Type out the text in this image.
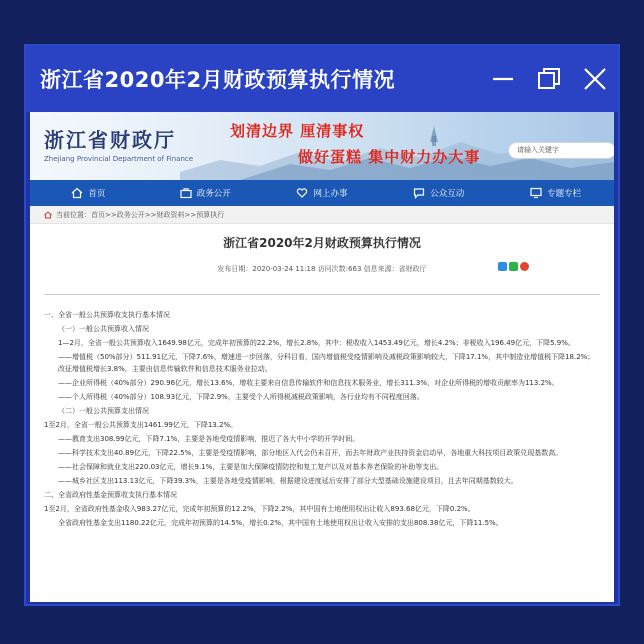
浙江省2020年2月财政预算执行情况
浙江省财政厅
Zhejiang Provincial Department of Finance
划清边界 厘清事权
做好蛋糕 集中财力办大事	请输入关键字
首页	政务公开	网上办事	公众互动	专题专栏
当前位置：首页>>政务公开>>财政资料>>预算执行
浙江省2020年2月财政预算执行情况
发布日期：2020-03-24 11:18 访问次数:663 信息来源：省财政厅

一、全省一般公共预算收支执行基本情况

（一）一般公共预算收入情况

1—2月，全省一般公共预算收入1649.98亿元，完成年初预算的22.2%，增长2.8%，其中：税收收入1453.49亿元，增长4.2%；非税收入196.49亿元，下降5.9%。

——增值税（50%部分）511.91亿元，下降7.6%，增速进一步回落，分科目看，国内增值税受疫情影响及减税政策影响较大，下降17.1%，其中制造业增值税下降18.2%；改征增值税增长3.8%，主要由信息传输软件和信息技术服务业拉动。

——企业所得税（40%部分）290.96亿元，增长13.6%，增收主要来自信息传输软件和信息技术服务业，增长311.3%，对企业所得税的增收贡献率为113.2%。

——个人所得税（40%部分）108.93亿元，下降2.9%，主要受个人所得税减税政策影响，各行业均有不同程度回落。

（二）一般公共预算支出情况

1至2月，全省一般公共预算支出1461.99亿元，下降13.2%。

——教育支出308.99亿元，下降7.1%，主要是各地受疫情影响，推迟了各大中小学的开学时间。

——科学技术支出40.89亿元，下降22.5%，主要是受疫情影响，部分地区人代会仍未召开，而去年财政产业扶持资金启动早，各地重大科技项目政策兑现基数高。

——社会保障和就业支出220.03亿元，增长9.1%，主要是加大保障疫情防控和复工复产以及对基本养老保险的补助等支出。

——城乡社区支出113.13亿元，下降39.3%，主要是各地受疫情影响，根据建设进度延后安排了部分大型基础设施建设项目，且去年同期基数较大。

二、全省政府性基金预算收支执行基本情况

1至2月，全省政府性基金收入983.27亿元，完成年初预算的12.2%，下降2.2%，其中国有土地使用权出让收入893.68亿元，下降0.2%。

全省政府性基金支出1180.22亿元，完成年初预算的14.5%，增长0.2%，其中国有土地使用权出让收入安排的支出808.38亿元，下降11.5%。
